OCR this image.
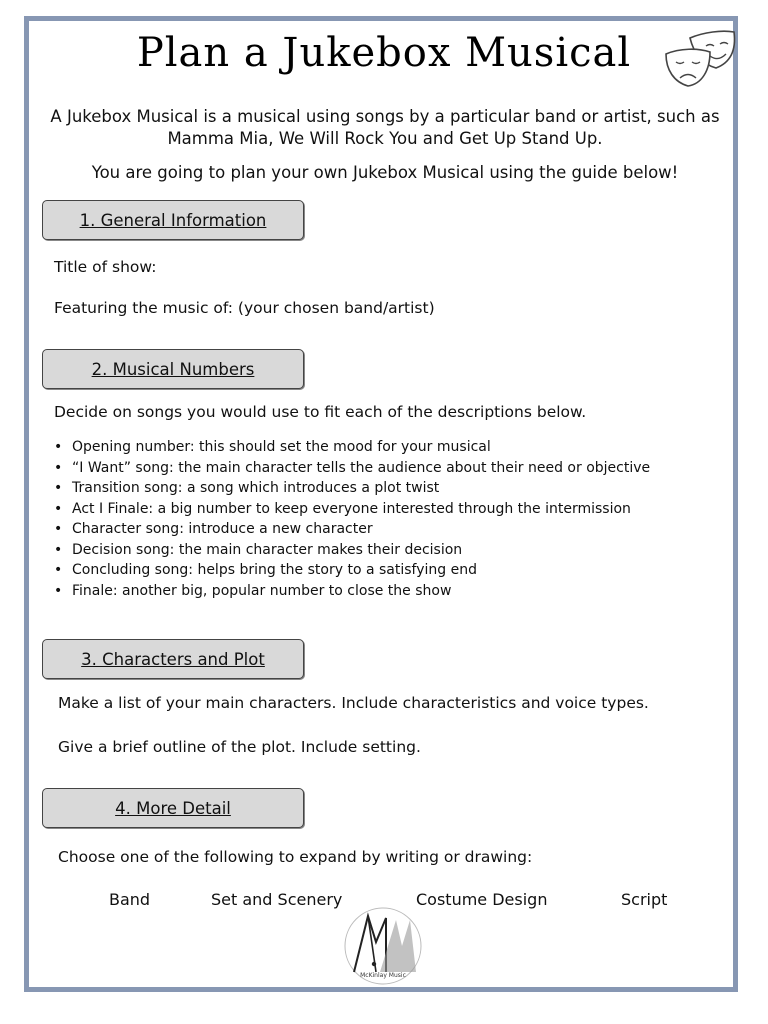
Plan a Jukebox Musical
A Jukebox Musical is a musical using songs by a particular band or artist, such as Mamma Mia, We Will Rock You and Get Up Stand Up.
You are going to plan your own Jukebox Musical using the guide below!
1. General Information
Title of show:
Featuring the music of: (your chosen band/artist)
2. Musical Numbers
Decide on songs you would use to fit each of the descriptions below.
• Opening number: this should set the mood for your musical
• “I Want” song: the main character tells the audience about their need or objective
• Transition song: a song which introduces a plot twist
• Act I Finale: a big number to keep everyone interested through the intermission
• Character song: introduce a new character
• Decision song: the main character makes their decision
• Concluding song: helps bring the story to a satisfying end
• Finale: another big, popular number to close the show
3. Characters and Plot
Make a list of your main characters. Include characteristics and voice types.
Give a brief outline of the plot. Include setting.
4. More Detail
Choose one of the following to expand by writing or drawing:
Band	Set and Scenery	Costume Design	Script
McKinlay Music
